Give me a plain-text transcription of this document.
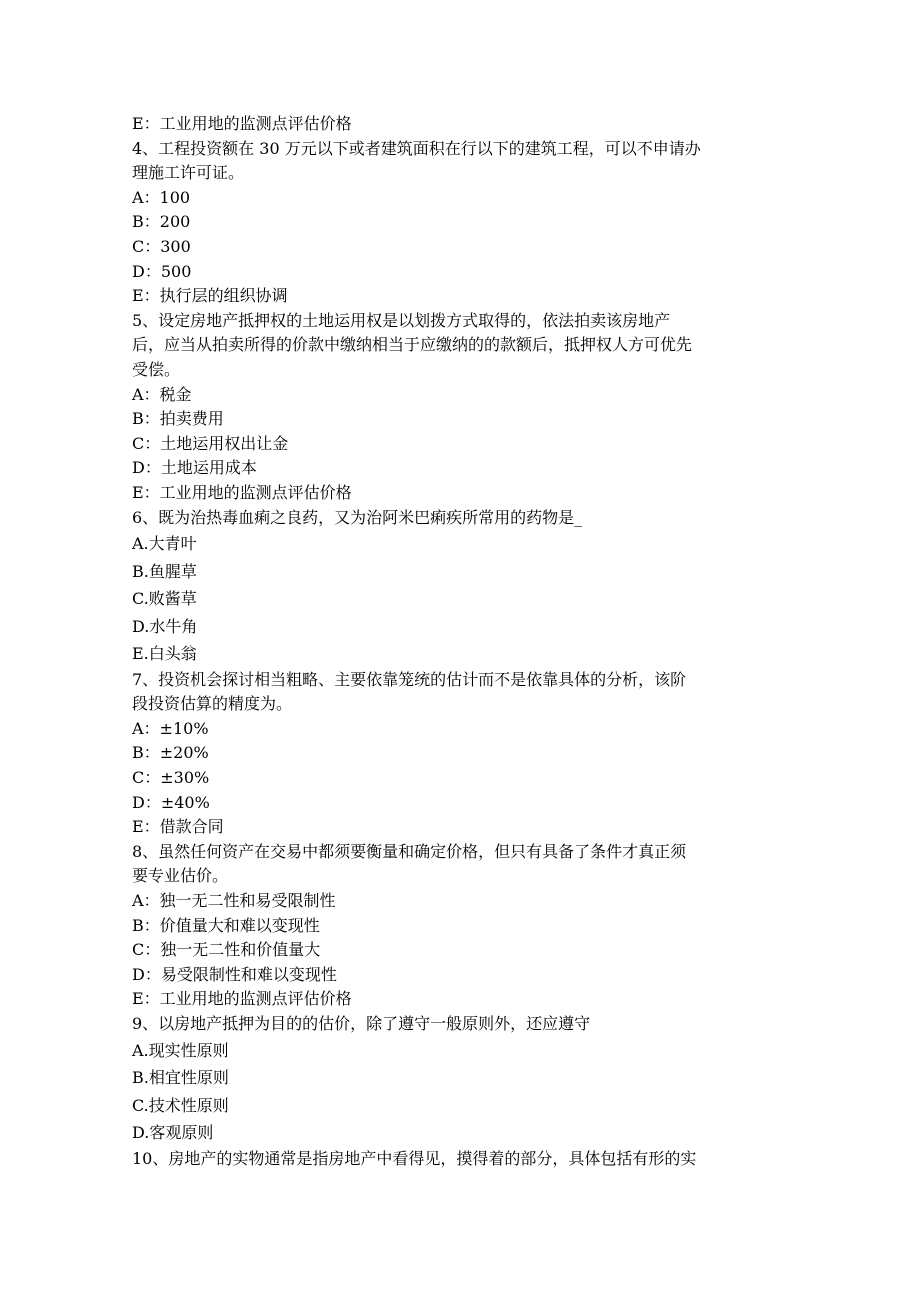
E：工业用地的监测点评估价格

4、工程投资额在 30 万元以下或者建筑面积在行以下的建筑工程，可以不申请办

理施工许可证。

A：100

B：200

C：300

D：500

E：执行层的组织协调

5、设定房地产抵押权的土地运用权是以划拨方式取得的，依法拍卖该房地产

后，应当从拍卖所得的价款中缴纳相当于应缴纳的的款额后，抵押权人方可优先

受偿。

A：税金

B：拍卖费用

C：土地运用权出让金

D：土地运用成本

E：工业用地的监测点评估价格

6、既为治热毒血痢之良药，又为治阿米巴痢疾所常用的药物是_

A.大青叶

B.鱼腥草

C.败酱草

D.水牛角

E.白头翁

7、投资机会探讨相当粗略、主要依靠笼统的估计而不是依靠具体的分析，该阶

段投资估算的精度为。

A：±10%

B：±20%

C：±30%

D：±40%

E：借款合同

8、虽然任何资产在交易中都须要衡量和确定价格，但只有具备了条件才真正须

要专业估价。

A：独一无二性和易受限制性

B：价值量大和难以变现性

C：独一无二性和价值量大

D：易受限制性和难以变现性

E：工业用地的监测点评估价格

9、以房地产抵押为目的的估价，除了遵守一般原则外，还应遵守

A.现实性原则

B.相宜性原则

C.技术性原则

D.客观原则

10、房地产的实物通常是指房地产中看得见，摸得着的部分，具体包括有形的实
